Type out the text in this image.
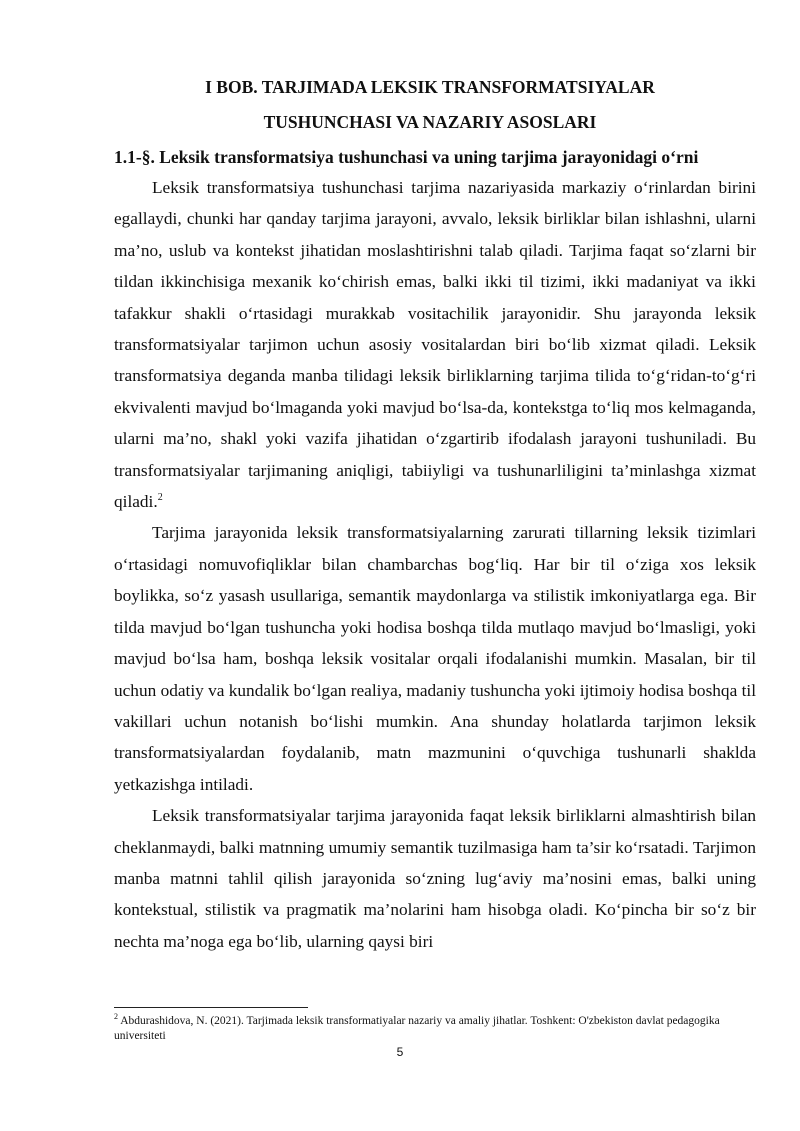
I BOB. TARJIMADA LEKSIK TRANSFORMATSIYALAR
TUSHUNCHASI VA NAZARIY ASOSLARI
1.1-§. Leksik transformatsiya tushunchasi va uning tarjima jarayonidagi o‘rni

Leksik transformatsiya tushunchasi tarjima nazariyasida markaziy o‘rinlardan birini egallaydi, chunki har qanday tarjima jarayoni, avvalo, leksik birliklar bilan ishlashni, ularni ma’no, uslub va kontekst jihatidan moslashtirishni talab qiladi. Tarjima faqat so‘zlarni bir tildan ikkinchisiga mexanik ko‘chirish emas, balki ikki til tizimi, ikki madaniyat va ikki tafakkur shakli o‘rtasidagi murakkab vositachilik jarayonidir. Shu jarayonda leksik transformatsiyalar tarjimon uchun asosiy vositalardan biri bo‘lib xizmat qiladi. Leksik transformatsiya deganda manba tilidagi leksik birliklarning tarjima tilida to‘g‘ridan-to‘g‘ri ekvivalenti mavjud bo‘lmaganda yoki mavjud bo‘lsa-da, kontekstga to‘liq mos kelmaganda, ularni ma’no, shakl yoki vazifa jihatidan o‘zgartirib ifodalash jarayoni tushuniladi. Bu transformatsiyalar tarjimaning aniqligi, tabiiyligi va tushunarliligini ta’minlashga xizmat qiladi.$^2$

Tarjima jarayonida leksik transformatsiyalarning zarurati tillarning leksik tizimlari o‘rtasidagi nomuvofiqliklar bilan chambarchas bog‘liq. Har bir til o‘ziga xos leksik boylikka, so‘z yasash usullariga, semantik maydonlarga va stilistik imkoniyatlarga ega. Bir tilda mavjud bo‘lgan tushuncha yoki hodisa boshqa tilda mutlaqo mavjud bo‘lmasligi, yoki mavjud bo‘lsa ham, boshqa leksik vositalar orqali ifodalanishi mumkin. Masalan, bir til uchun odatiy va kundalik bo‘lgan realiya, madaniy tushuncha yoki ijtimoiy hodisa boshqa til vakillari uchun notanish bo‘lishi mumkin. Ana shunday holatlarda tarjimon leksik transformatsiyalardan foydalanib, matn mazmunini o‘quvchiga tushunarli shaklda yetkazishga intiladi.

Leksik transformatsiyalar tarjima jarayonida faqat leksik birliklarni almashtirish bilan cheklanmaydi, balki matnning umumiy semantik tuzilmasiga ham ta’sir ko‘rsatadi. Tarjimon manba matnni tahlil qilish jarayonida so‘zning lug‘aviy ma’nosini emas, balki uning kontekstual, stilistik va pragmatik ma’nolarini ham hisobga oladi. Ko‘pincha bir so‘z bir nechta ma’noga ega bo‘lib, ularning qaysi biri

$^2$ Abdurashidova, N. (2021). Tarjimada leksik transformatiyalar nazariy va amaliy jihatlar. Toshkent: O'zbekiston davlat pedagogika universiteti

5
